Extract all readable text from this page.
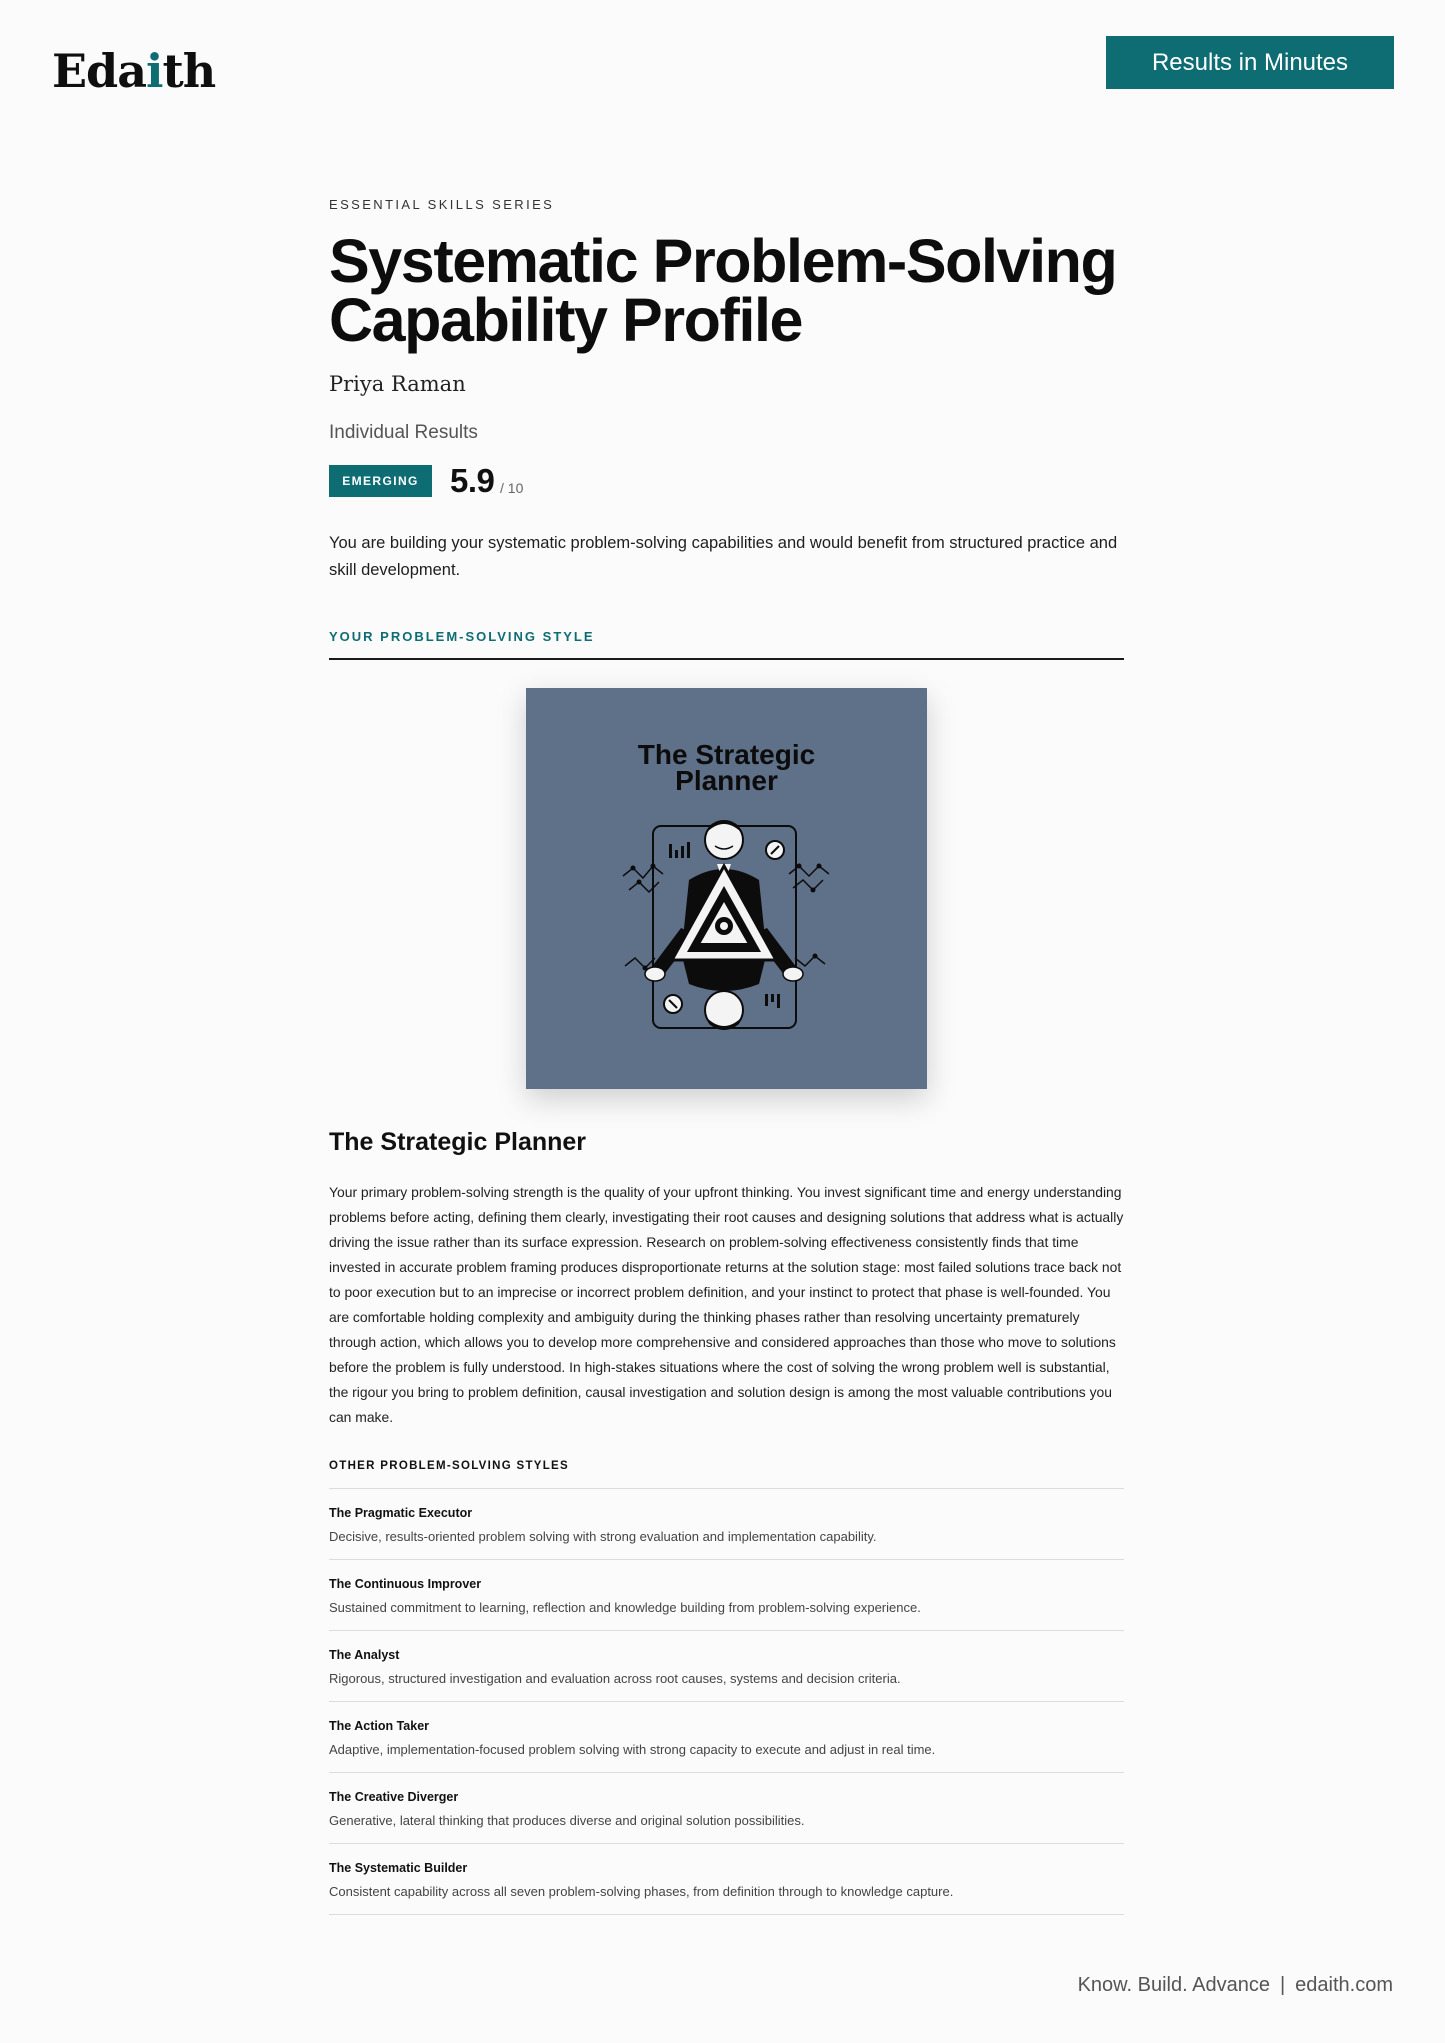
Edaith	Results in Minutes
ESSENTIAL SKILLS SERIES
Systematic Problem-Solving Capability Profile
Priya Raman
Individual Results
EMERGING 5.9 / 10

You are building your systematic problem-solving capabilities and would benefit from structured practice and skill development.

YOUR PROBLEM-SOLVING STYLE
The Strategic
Planner
The Strategic Planner

Your primary problem-solving strength is the quality of your upfront thinking. You invest significant time and energy understanding problems before acting, defining them clearly, investigating their root causes and designing solutions that address what is actually driving the issue rather than its surface expression. Research on problem-solving effectiveness consistently finds that time invested in accurate problem framing produces disproportionate returns at the solution stage: most failed solutions trace back not to poor execution but to an imprecise or incorrect problem definition, and your instinct to protect that phase is well-founded. You are comfortable holding complexity and ambiguity during the thinking phases rather than resolving uncertainty prematurely through action, which allows you to develop more comprehensive and considered approaches than those who move to solutions before the problem is fully understood. In high-stakes situations where the cost of solving the wrong problem well is substantial, the rigour you bring to problem definition, causal investigation and solution design is among the most valuable contributions you can make.

OTHER PROBLEM-SOLVING STYLES
The Pragmatic Executor
Decisive, results-oriented problem solving with strong evaluation and implementation capability.
The Continuous Improver
Sustained commitment to learning, reflection and knowledge building from problem-solving experience.
The Analyst
Rigorous, structured investigation and evaluation across root causes, systems and decision criteria.
The Action Taker
Adaptive, implementation-focused problem solving with strong capacity to execute and adjust in real time.
The Creative Diverger
Generative, lateral thinking that produces diverse and original solution possibilities.
The Systematic Builder
Consistent capability across all seven problem-solving phases, from definition through to knowledge capture.
Know. Build. Advance | edaith.com
